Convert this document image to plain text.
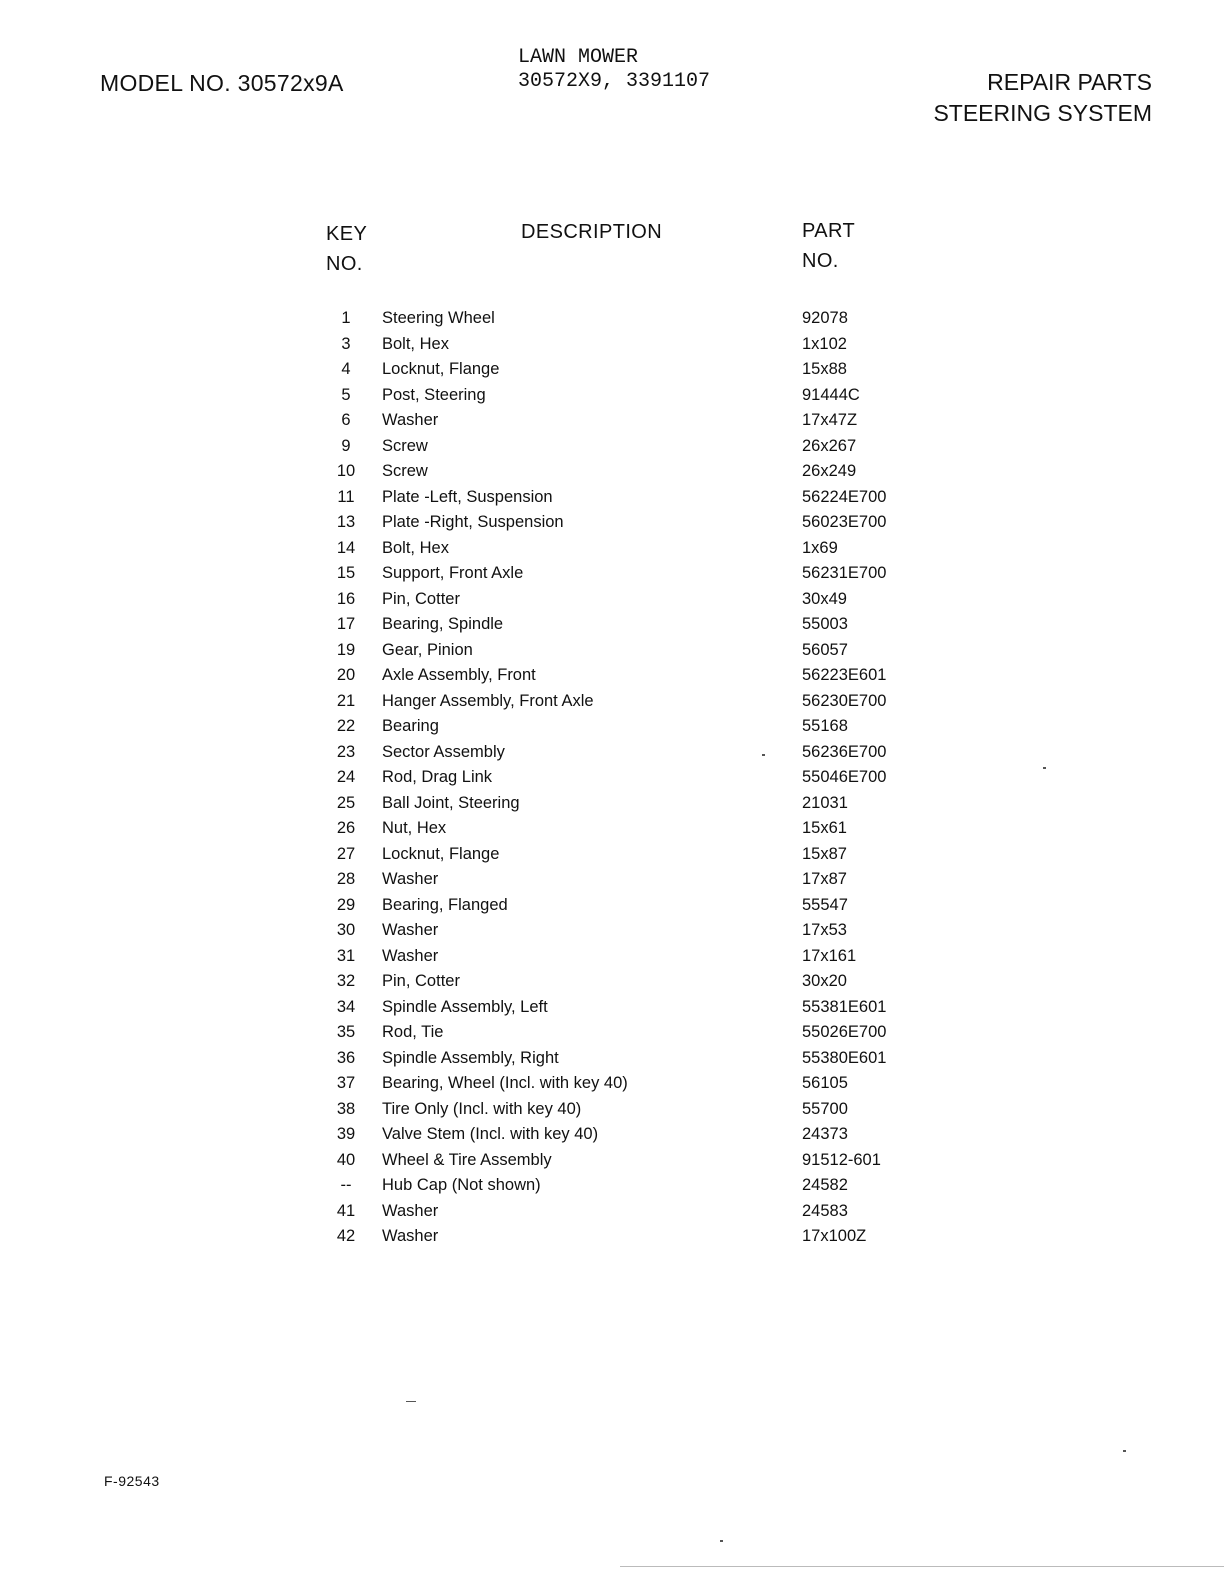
MODEL NO. 30572x9A
LAWN MOWER
30572X9, 3391107	REPAIR PARTS
STEERING SYSTEM
KEY
NO.
DESCRIPTION	PART
NO.
1	Steering Wheel	92078
3	Bolt, Hex	1x102
4	Locknut, Flange	15x88
5	Post, Steering	91444C
6	Washer	17x47Z
9	Screw	26x267
10	Screw	26x249
11	Plate -Left, Suspension	56224E700
13	Plate -Right, Suspension	56023E700
14	Bolt, Hex	1x69
15	Support, Front Axle	56231E700
16	Pin, Cotter	30x49
17	Bearing, Spindle	55003
19	Gear, Pinion	56057
20	Axle Assembly, Front	56223E601
21	Hanger Assembly, Front Axle	56230E700
22	Bearing	55168
23	Sector Assembly	56236E700
24	Rod, Drag Link	55046E700
25	Ball Joint, Steering	21031
26	Nut, Hex	15x61
27	Locknut, Flange	15x87
28	Washer	17x87
29	Bearing, Flanged	55547
30	Washer	17x53
31	Washer	17x161
32	Pin, Cotter	30x20
34	Spindle Assembly, Left	55381E601
35	Rod, Tie	55026E700
36	Spindle Assembly, Right	55380E601
37	Bearing, Wheel (Incl. with key 40)	56105
38	Tire Only (Incl. with key 40)	55700
39	Valve Stem (Incl. with key 40)	24373
40	Wheel & Tire Assembly	91512-601
--	Hub Cap (Not shown)	24582
41	Washer	24583
42	Washer	17x100Z
F-92543
